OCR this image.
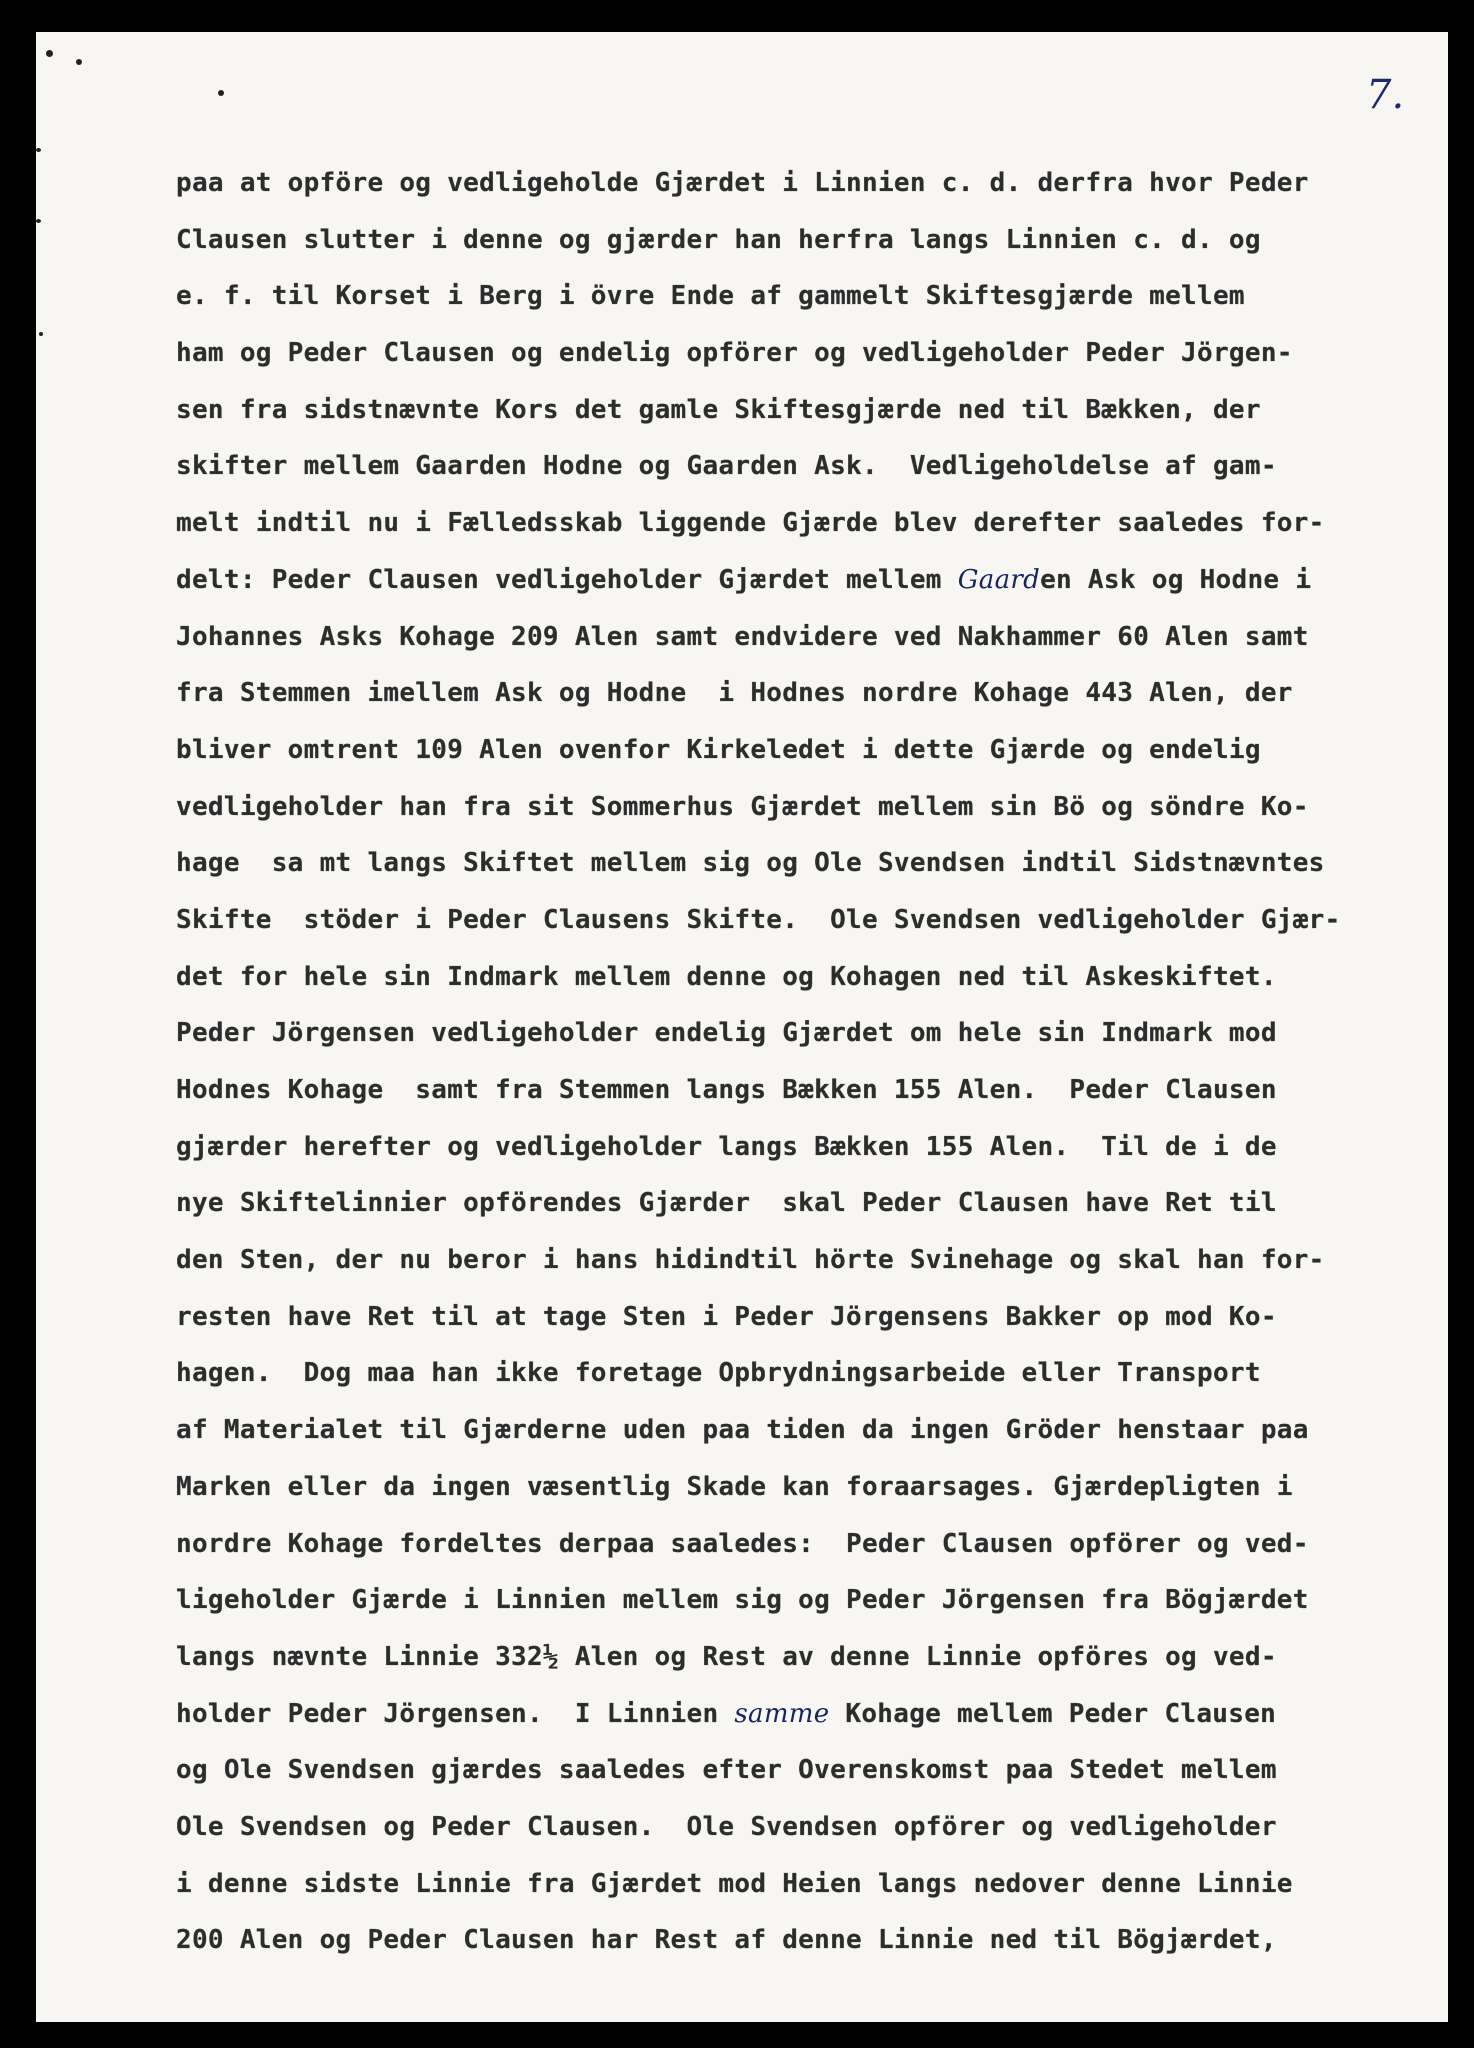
7.

paa at opföre og vedligeholde Gjærdet i Linnien c. d. derfra hvor Peder

Clausen slutter i denne og gjærder han herfra langs Linnien c. d. og

e. f. til Korset i Berg i övre Ende af gammelt Skiftesgjærde mellem

ham og Peder Clausen og endelig opförer og vedligeholder Peder Jörgen-

sen fra sidstnævnte Kors det gamle Skiftesgjærde ned til Bækken, der

skifter mellem Gaarden Hodne og Gaarden Ask.  Vedligeholdelse af gam-

melt indtil nu i Fælledsskab liggende Gjærde blev derefter saaledes for-

delt: Peder Clausen vedligeholder Gjærdet mellem Gaarden Ask og Hodne i

Johannes Asks Kohage 209 Alen samt endvidere ved Nakhammer 60 Alen samt

fra Stemmen imellem Ask og Hodne  i Hodnes nordre Kohage 443 Alen, der

bliver omtrent 109 Alen ovenfor Kirkeledet i dette Gjærde og endelig

vedligeholder han fra sit Sommerhus Gjærdet mellem sin Bö og söndre Ko-

hage  sa mt langs Skiftet mellem sig og Ole Svendsen indtil Sidstnævntes

Skifte  stöder i Peder Clausens Skifte.  Ole Svendsen vedligeholder Gjær-

det for hele sin Indmark mellem denne og Kohagen ned til Askeskiftet.

Peder Jörgensen vedligeholder endelig Gjærdet om hele sin Indmark mod

Hodnes Kohage  samt fra Stemmen langs Bækken 155 Alen.  Peder Clausen

gjærder herefter og vedligeholder langs Bækken 155 Alen.  Til de i de

nye Skiftelinnier opförendes Gjærder  skal Peder Clausen have Ret til

den Sten, der nu beror i hans hidindtil hörte Svinehage og skal han for-

resten have Ret til at tage Sten i Peder Jörgensens Bakker op mod Ko-

hagen.  Dog maa han ikke foretage Opbrydningsarbeide eller Transport

af Materialet til Gjærderne uden paa tiden da ingen Gröder henstaar paa

Marken eller da ingen væsentlig Skade kan foraarsages. Gjærdepligten i

nordre Kohage fordeltes derpaa saaledes:  Peder Clausen opförer og ved-

ligeholder Gjærde i Linnien mellem sig og Peder Jörgensen fra Bögjærdet

langs nævnte Linnie 332½ Alen og Rest av denne Linnie opföres og ved-

holder Peder Jörgensen.  I Linnien samme Kohage mellem Peder Clausen

og Ole Svendsen gjærdes saaledes efter Overenskomst paa Stedet mellem

Ole Svendsen og Peder Clausen.  Ole Svendsen opförer og vedligeholder

i denne sidste Linnie fra Gjærdet mod Heien langs nedover denne Linnie

200 Alen og Peder Clausen har Rest af denne Linnie ned til Bögjærdet,
